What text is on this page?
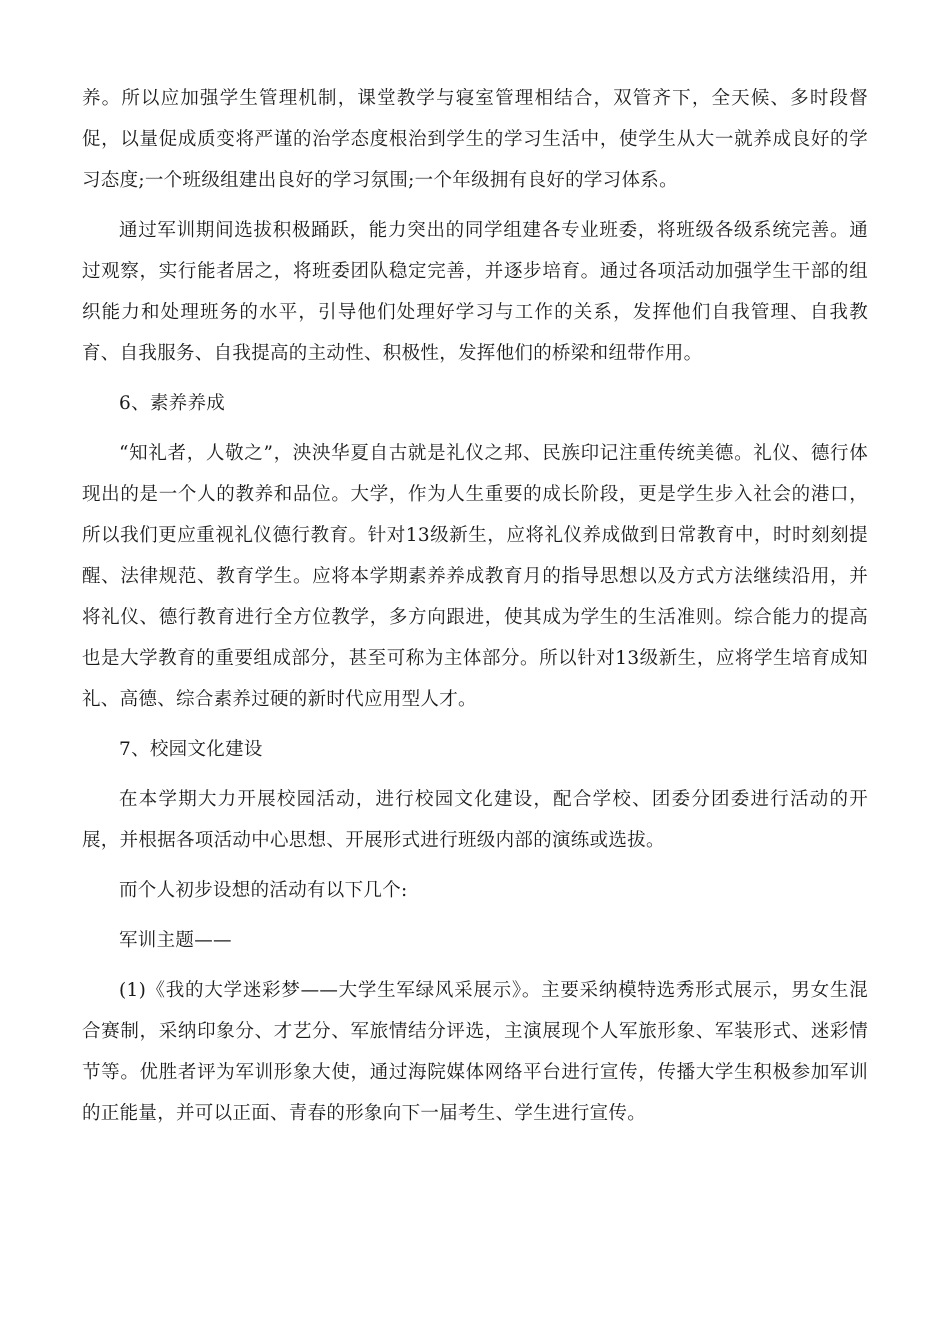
养。所以应加强学生管理机制，课堂教学与寝室管理相结合，双管齐下，全天候、多时段督促，以量促成质变将严谨的治学态度根治到学生的学习生活中，使学生从大一就养成良好的学习态度;一个班级组建出良好的学习氛围;一个年级拥有良好的学习体系。

通过军训期间选拔积极踊跃，能力突出的同学组建各专业班委，将班级各级系统完善。通过观察，实行能者居之，将班委团队稳定完善，并逐步培育。通过各项活动加强学生干部的组织能力和处理班务的水平，引导他们处理好学习与工作的关系，发挥他们自我管理、自我教育、自我服务、自我提高的主动性、积极性，发挥他们的桥梁和纽带作用。

6、素养养成

“知礼者，人敬之”，泱泱华夏自古就是礼仪之邦、民族印记注重传统美德。礼仪、德行体现出的是一个人的教养和品位。大学，作为人生重要的成长阶段，更是学生步入社会的港口，所以我们更应重视礼仪德行教育。针对13级新生，应将礼仪养成做到日常教育中，时时刻刻提醒、法律规范、教育学生。应将本学期素养养成教育月的指导思想以及方式方法继续沿用，并将礼仪、德行教育进行全方位教学，多方向跟进，使其成为学生的生活准则。综合能力的提高也是大学教育的重要组成部分，甚至可称为主体部分。所以针对13级新生，应将学生培育成知礼、高德、综合素养过硬的新时代应用型人才。

7、校园文化建设

在本学期大力开展校园活动，进行校园文化建设，配合学校、团委分团委进行活动的开展，并根据各项活动中心思想、开展形式进行班级内部的演练或选拔。

而个人初步设想的活动有以下几个:

军训主题——

(1)《我的大学迷彩梦——大学生军绿风采展示》。主要采纳模特选秀形式展示，男女生混合赛制，采纳印象分、才艺分、军旅情结分评选，主演展现个人军旅形象、军装形式、迷彩情节等。优胜者评为军训形象大使，通过海院媒体网络平台进行宣传，传播大学生积极参加军训的正能量，并可以正面、青春的形象向下一届考生、学生进行宣传。
